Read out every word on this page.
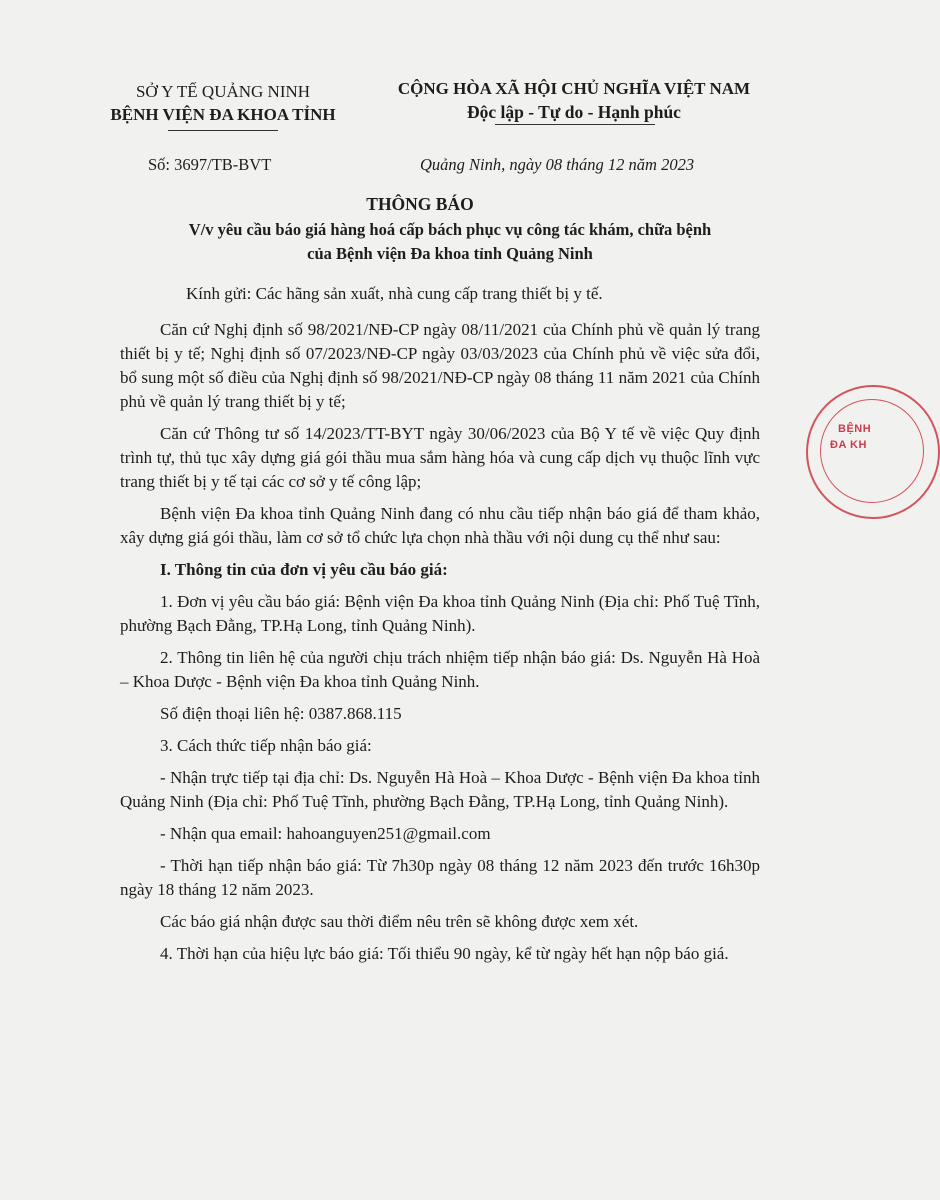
SỞ Y TẾ QUẢNG NINH
BỆNH VIỆN ĐA KHOA TỈNH
CỘNG HÒA XÃ HỘI CHỦ NGHĨA VIỆT NAM
Độc lập - Tự do - Hạnh phúc
Số: 3697/TB-BVT	Quảng Ninh, ngày 08 tháng 12 năm 2023
THÔNG BÁO
V/v yêu cầu báo giá hàng hoá cấp bách phục vụ công tác khám, chữa bệnh
của Bệnh viện Đa khoa tỉnh Quảng Ninh
Kính gửi: Các hãng sản xuất, nhà cung cấp trang thiết bị y tế.

Căn cứ Nghị định số 98/2021/NĐ-CP ngày 08/11/2021 của Chính phủ về quản lý trang thiết bị y tế; Nghị định số 07/2023/NĐ-CP ngày 03/03/2023 của Chính phủ về việc sửa đổi, bổ sung một số điều của Nghị định số 98/2021/NĐ-CP ngày 08 tháng 11 năm 2021 của Chính phủ về quản lý trang thiết bị y tế;

Căn cứ Thông tư số 14/2023/TT-BYT ngày 30/06/2023 của Bộ Y tế về việc Quy định trình tự, thủ tục xây dựng giá gói thầu mua sắm hàng hóa và cung cấp dịch vụ thuộc lĩnh vực trang thiết bị y tế tại các cơ sở y tế công lập;

Bệnh viện Đa khoa tỉnh Quảng Ninh đang có nhu cầu tiếp nhận báo giá để tham khảo, xây dựng giá gói thầu, làm cơ sở tổ chức lựa chọn nhà thầu với nội dung cụ thể như sau:

I. Thông tin của đơn vị yêu cầu báo giá:

1. Đơn vị yêu cầu báo giá: Bệnh viện Đa khoa tỉnh Quảng Ninh (Địa chỉ: Phố Tuệ Tĩnh, phường Bạch Đằng, TP.Hạ Long, tỉnh Quảng Ninh).

2. Thông tin liên hệ của người chịu trách nhiệm tiếp nhận báo giá: Ds. Nguyễn Hà Hoà – Khoa Dược - Bệnh viện Đa khoa tỉnh Quảng Ninh.

Số điện thoại liên hệ: 0387.868.115

3. Cách thức tiếp nhận báo giá:

- Nhận trực tiếp tại địa chỉ: Ds. Nguyễn Hà Hoà – Khoa Dược - Bệnh viện Đa khoa tỉnh Quảng Ninh (Địa chỉ: Phố Tuệ Tĩnh, phường Bạch Đằng, TP.Hạ Long, tỉnh Quảng Ninh).

- Nhận qua email: hahoanguyen251@gmail.com

- Thời hạn tiếp nhận báo giá: Từ 7h30p ngày 08 tháng 12 năm 2023 đến trước 16h30p ngày 18 tháng 12 năm 2023.

Các báo giá nhận được sau thời điểm nêu trên sẽ không được xem xét.

4. Thời hạn của hiệu lực báo giá: Tối thiểu 90 ngày, kể từ ngày hết hạn nộp báo giá.

BỆNH
ĐA KH
